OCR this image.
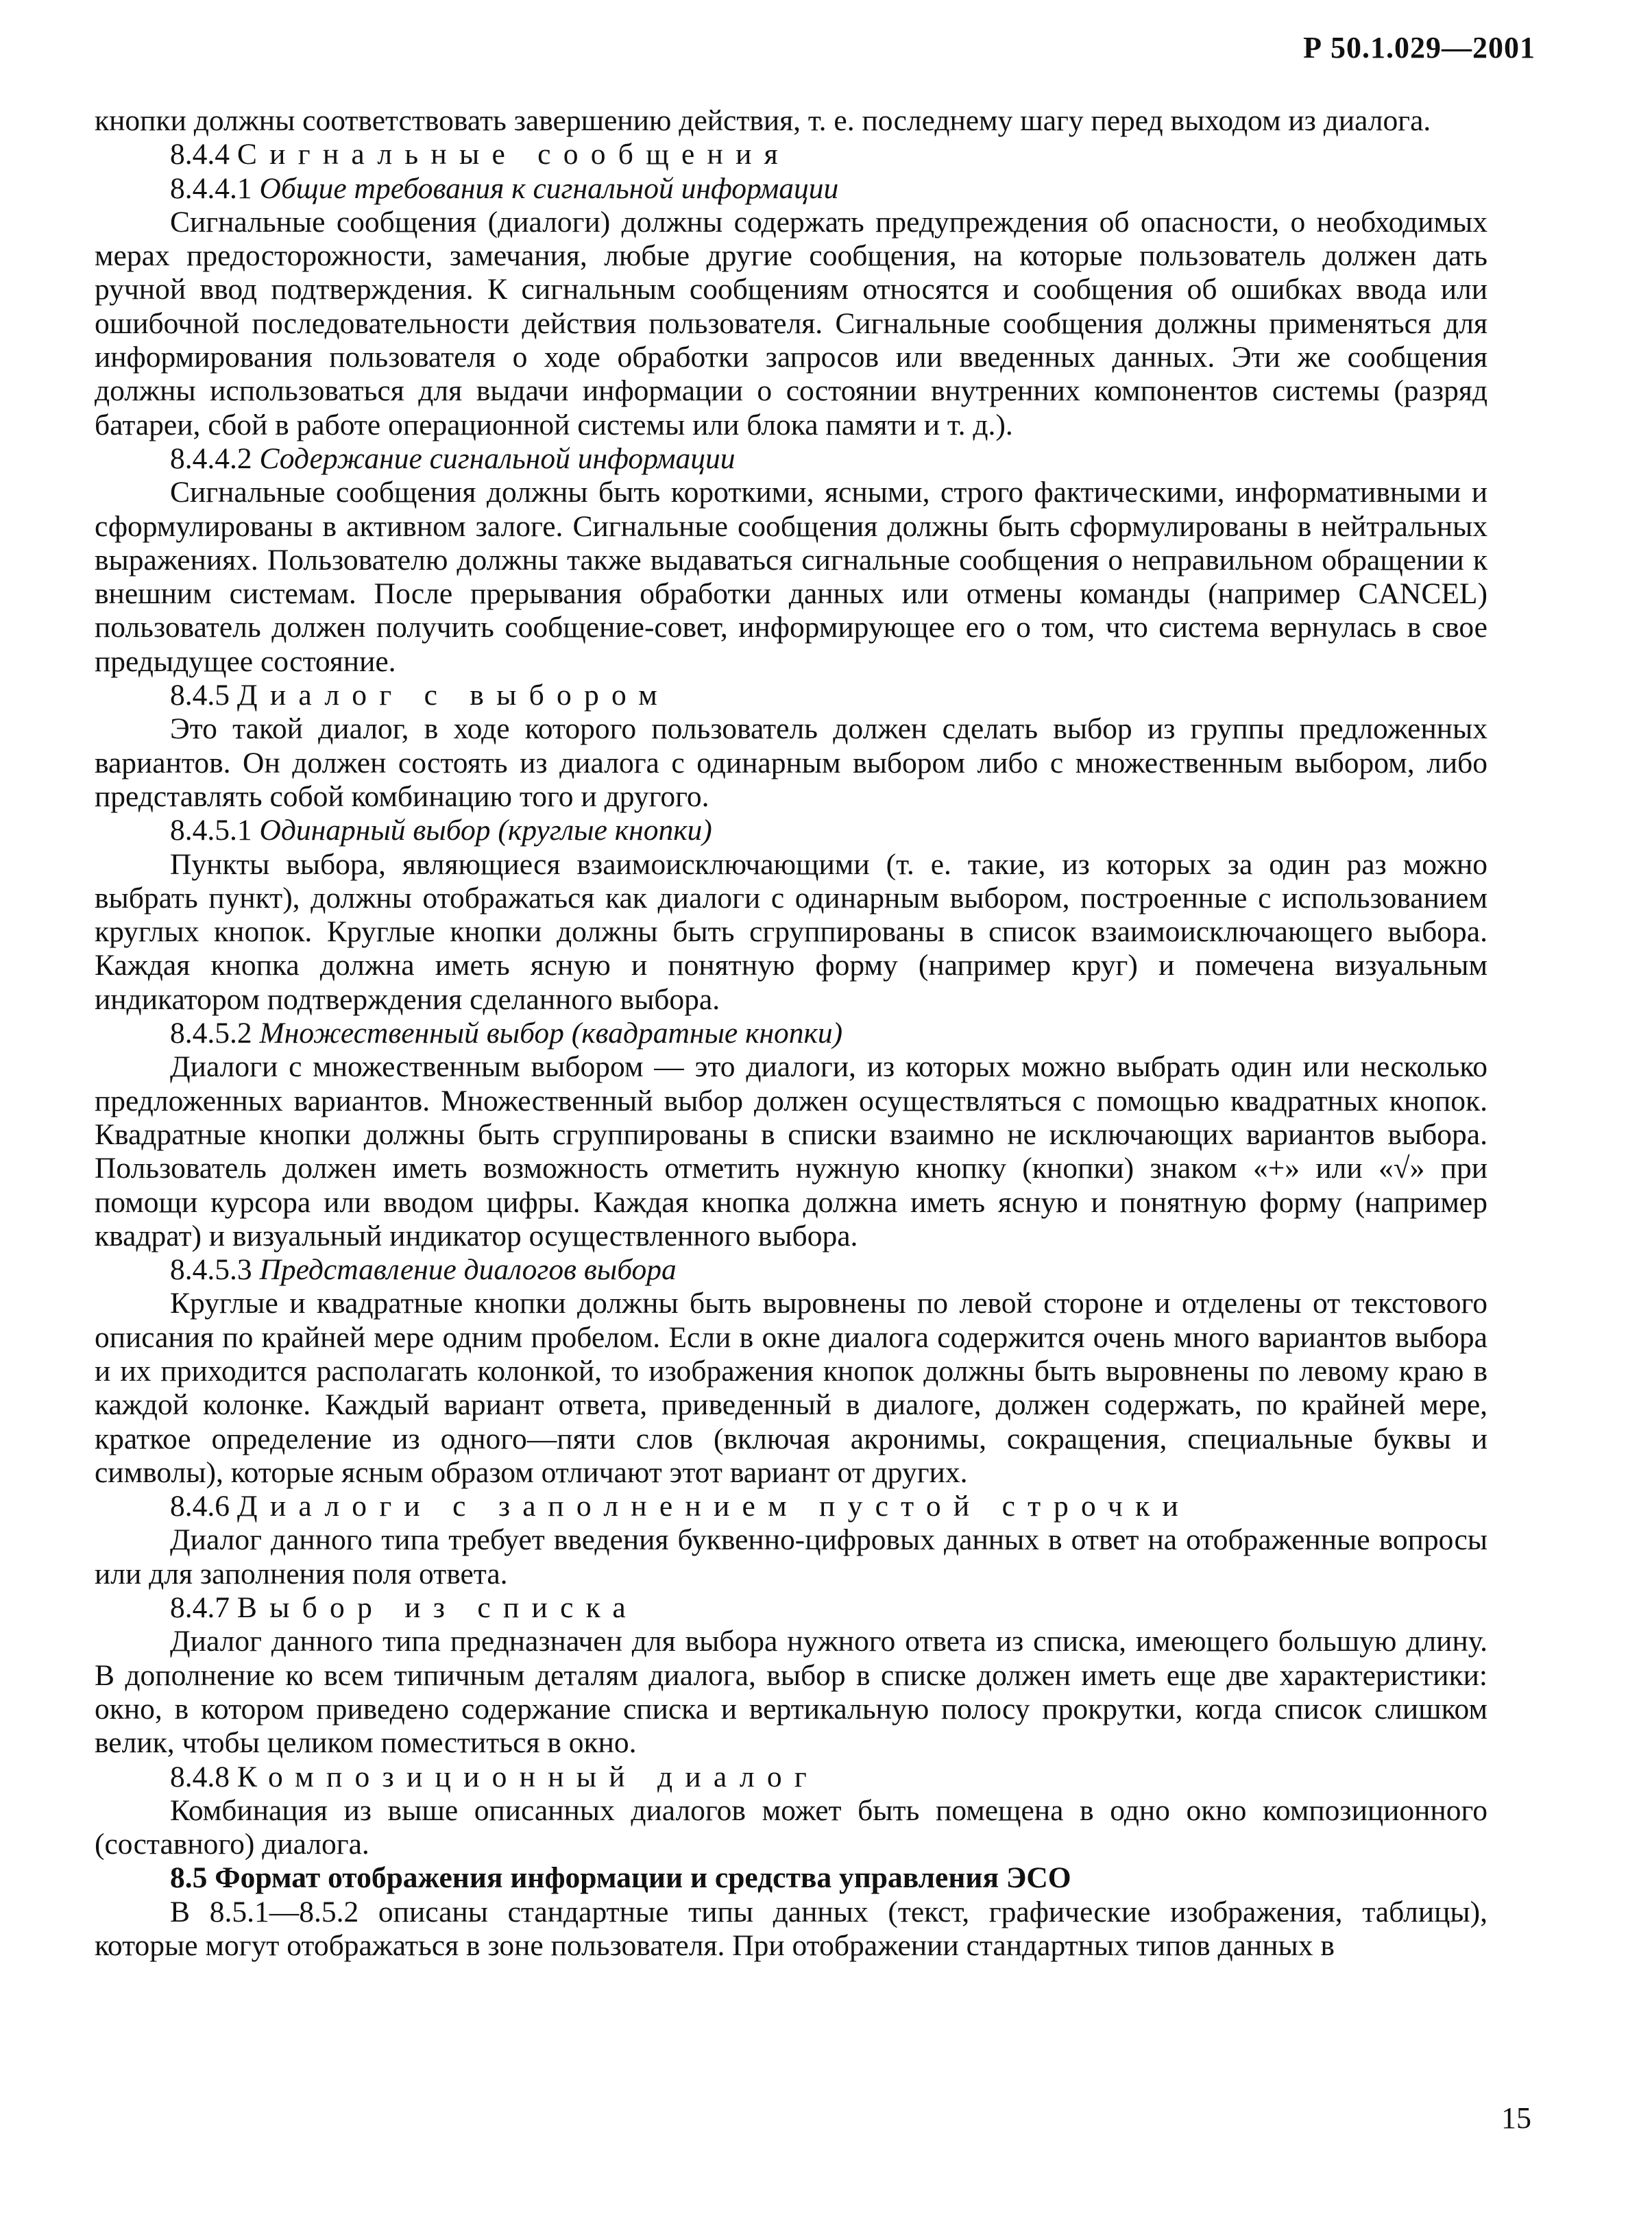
Р 50.1.029—2001

кнопки должны соответствовать завершению действия, т. е. последнему шагу перед выходом из диалога.

8.4.4 Сигнальные сообщения
8.4.4.1 Общие требования к сигнальной информации

Сигнальные сообщения (диалоги) должны содержать предупреждения об опасности, о необходимых мерах предосторожности, замечания, любые другие сообщения, на которые пользователь должен дать ручной ввод подтверждения. К сигнальным сообщениям относятся и сообщения об ошибках ввода или ошибочной последовательности действия пользователя. Сигнальные сообщения должны применяться для информирования пользователя о ходе обработки запросов или введенных данных. Эти же сообщения должны использоваться для выдачи информации о состоянии внутренних компонентов системы (разряд батареи, сбой в работе операционной системы или блока памяти и т. д.).

8.4.4.2 Содержание сигнальной информации

Сигнальные сообщения должны быть короткими, ясными, строго фактическими, информативными и сформулированы в активном залоге. Сигнальные сообщения должны быть сформулированы в нейтральных выражениях. Пользователю должны также выдаваться сигнальные сообщения о неправильном обращении к внешним системам. После прерывания обработки данных или отмены команды (например CANCEL) пользователь должен получить сообщение-совет, информирующее его о том, что система вернулась в свое предыдущее состояние.

8.4.5 Диалог с выбором

Это такой диалог, в ходе которого пользователь должен сделать выбор из группы предложенных вариантов. Он должен состоять из диалога с одинарным выбором либо с множественным выбором, либо представлять собой комбинацию того и другого.

8.4.5.1 Одинарный выбор (круглые кнопки)

Пункты выбора, являющиеся взаимоисключающими (т. е. такие, из которых за один раз можно выбрать пункт), должны отображаться как диалоги с одинарным выбором, построенные с использованием круглых кнопок. Круглые кнопки должны быть сгруппированы в список взаимоисключающего выбора. Каждая кнопка должна иметь ясную и понятную форму (например круг) и помечена визуальным индикатором подтверждения сделанного выбора.

8.4.5.2 Множественный выбор (квадратные кнопки)

Диалоги с множественным выбором — это диалоги, из которых можно выбрать один или несколько предложенных вариантов. Множественный выбор должен осуществляться с помощью квадратных кнопок. Квадратные кнопки должны быть сгруппированы в списки взаимно не исключающих вариантов выбора. Пользователь должен иметь возможность отметить нужную кнопку (кнопки) знаком «+» или «√» при помощи курсора или вводом цифры. Каждая кнопка должна иметь ясную и понятную форму (например квадрат) и визуальный индикатор осуществленного выбора.

8.4.5.3 Представление диалогов выбора

Круглые и квадратные кнопки должны быть выровнены по левой стороне и отделены от текстового описания по крайней мере одним пробелом. Если в окне диалога содержится очень много вариантов выбора и их приходится располагать колонкой, то изображения кнопок должны быть выровнены по левому краю в каждой колонке. Каждый вариант ответа, приведенный в диалоге, должен содержать, по крайней мере, краткое определение из одного—пяти слов (включая акронимы, сокращения, специальные буквы и символы), которые ясным образом отличают этот вариант от других.

8.4.6 Диалоги с заполнением пустой строчки

Диалог данного типа требует введения буквенно-цифровых данных в ответ на отображенные вопросы или для заполнения поля ответа.

8.4.7 Выбор из списка

Диалог данного типа предназначен для выбора нужного ответа из списка, имеющего большую длину. В дополнение ко всем типичным деталям диалога, выбор в списке должен иметь еще две характеристики: окно, в котором приведено содержание списка и вертикальную полосу прокрутки, когда список слишком велик, чтобы целиком поместиться в окно.

8.4.8 Композиционный диалог

Комбинация из выше описанных диалогов может быть помещена в одно окно композиционного (составного) диалога.

8.5 Формат отображения информации и средства управления ЭСО

В 8.5.1—8.5.2 описаны стандартные типы данных (текст, графические изображения, таблицы), которые могут отображаться в зоне пользователя. При отображении стандартных типов данных в

15
